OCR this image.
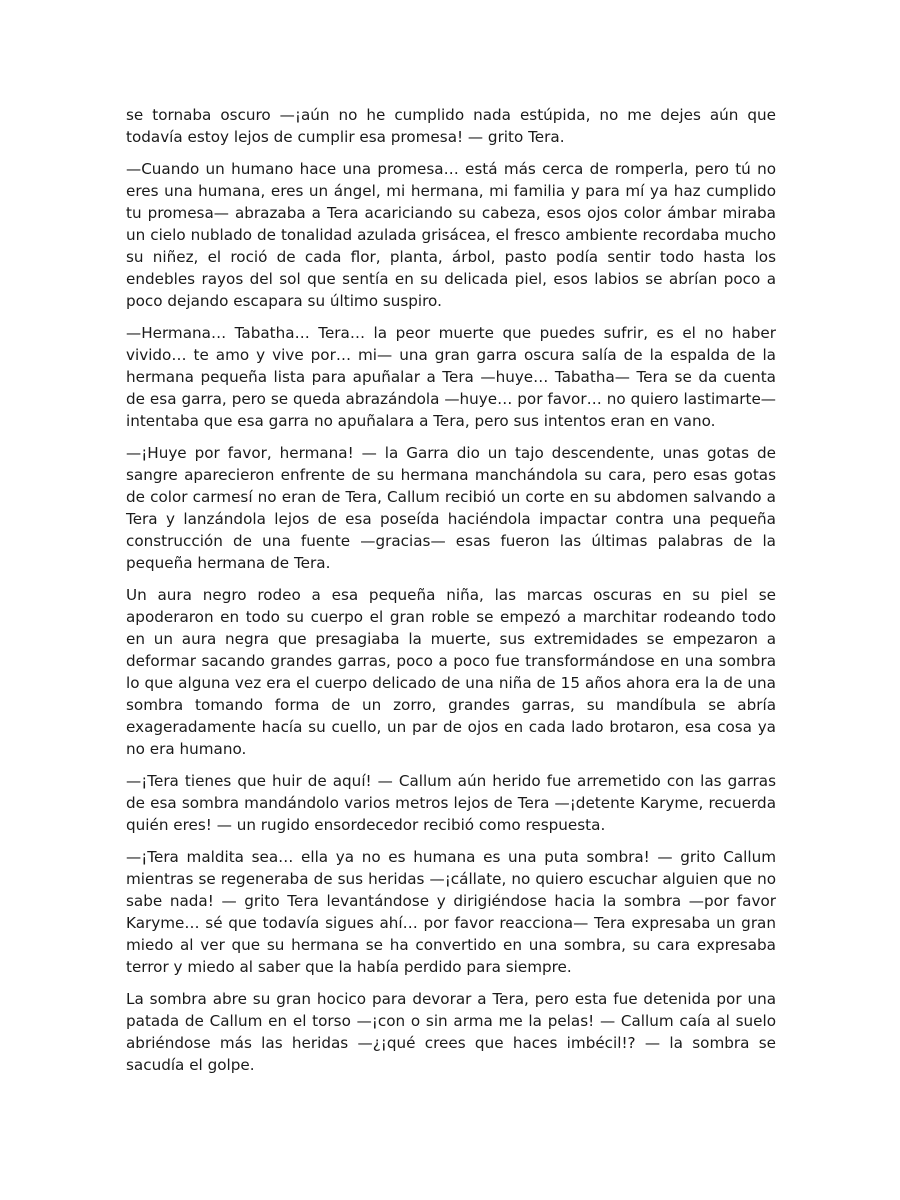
se tornaba oscuro —¡aún no he cumplido nada estúpida, no me dejes aún que todavía estoy lejos de cumplir esa promesa! — grito Tera.

—Cuando un humano hace una promesa… está más cerca de romperla, pero tú no eres una humana, eres un ángel, mi hermana, mi familia y para mí ya haz cumplido tu promesa— abrazaba a Tera acariciando su cabeza, esos ojos color ámbar miraba un cielo nublado de tonalidad azulada grisácea, el fresco ambiente recordaba mucho su niñez, el roció de cada flor, planta, árbol, pasto podía sentir todo hasta los endebles rayos del sol que sentía en su delicada piel, esos labios se abrían poco a poco dejando escapara su último suspiro.

—Hermana… Tabatha… Tera… la peor muerte que puedes sufrir, es el no haber vivido… te amo y vive por… mi— una gran garra oscura salía de la espalda de la hermana pequeña lista para apuñalar a Tera —huye… Tabatha— Tera se da cuenta de esa garra, pero se queda abrazándola —huye… por favor… no quiero lastimarte— intentaba que esa garra no apuñalara a Tera, pero sus intentos eran en vano.

—¡Huye por favor, hermana! — la Garra dio un tajo descendente, unas gotas de sangre aparecieron enfrente de su hermana manchándola su cara, pero esas gotas de color carmesí no eran de Tera, Callum recibió un corte en su abdomen salvando a Tera y lanzándola lejos de esa poseída haciéndola impactar contra una pequeña construcción de una fuente —gracias— esas fueron las últimas palabras de la pequeña hermana de Tera.

Un aura negro rodeo a esa pequeña niña, las marcas oscuras en su piel se apoderaron en todo su cuerpo el gran roble se empezó a marchitar rodeando todo en un aura negra que presagiaba la muerte, sus extremidades se empezaron a deformar sacando grandes garras, poco a poco fue transformándose en una sombra lo que alguna vez era el cuerpo delicado de una niña de 15 años ahora era la de una sombra tomando forma de un zorro, grandes garras, su mandíbula se abría exageradamente hacía su cuello, un par de ojos en cada lado brotaron, esa cosa ya no era humano.

—¡Tera tienes que huir de aquí! — Callum aún herido fue arremetido con las garras de esa sombra mandándolo varios metros lejos de Tera —¡detente Karyme, recuerda quién eres! — un rugido ensordecedor recibió como respuesta.

—¡Tera maldita sea… ella ya no es humana es una puta sombra! — grito Callum mientras se regeneraba de sus heridas —¡cállate, no quiero escuchar alguien que no sabe nada! — grito Tera levantándose y dirigiéndose hacia la sombra —por favor Karyme… sé que todavía sigues ahí… por favor reacciona— Tera expresaba un gran miedo al ver que su hermana se ha convertido en una sombra, su cara expresaba terror y miedo al saber que la había perdido para siempre.

La sombra abre su gran hocico para devorar a Tera, pero esta fue detenida por una patada de Callum en el torso —¡con o sin arma me la pelas! — Callum caía al suelo abriéndose más las heridas —¿¡qué crees que haces imbécil!? — la sombra se sacudía el golpe.
